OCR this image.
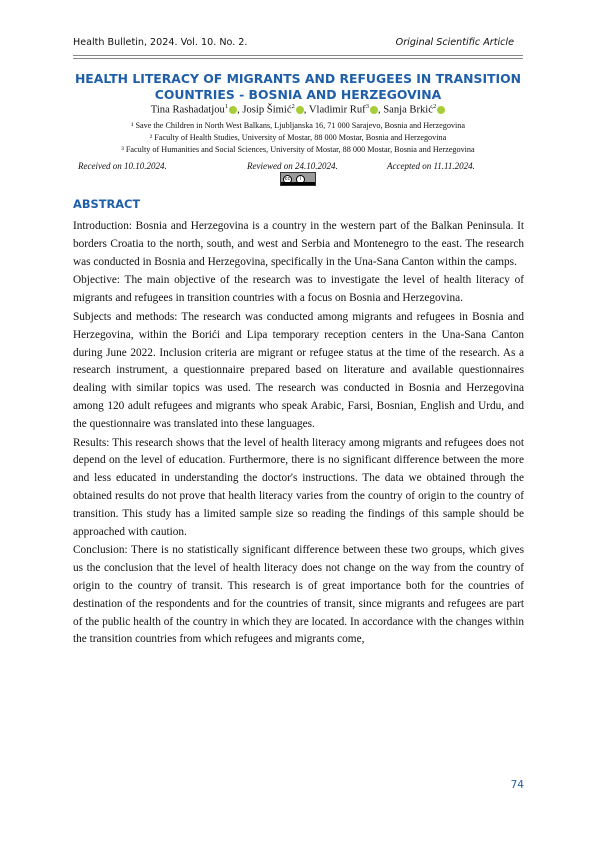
Health Bulletin, 2024. Vol. 10. No. 2.	Original Scientific Article
HEALTH LITERACY OF MIGRANTS AND REFUGEES IN TRANSITION COUNTRIES - BOSNIA AND HERZEGOVINA
Tina Rashadatjou$^1$ , Josip Šimić$^2$ , Vladimir Ruf$^3$ , Sanja Brkić$^2$
¹ Save the Children in North West Balkans, Ljubljanska 16, 71 000 Sarajevo, Bosnia and Herzegovina
² Faculty of Health Studies, University of Mostar, 88 000 Mostar, Bosnia and Herzegovina
³ Faculty of Humanities and Social Sciences, University of Mostar, 88 000 Mostar, Bosnia and Herzegovina
Received on 10.10.2024.	Reviewed on 24.10.2024.	Accepted on 11.11.2024.
cc	i
ABSTRACT

Introduction: Bosnia and Herzegovina is a country in the western part of the Balkan Peninsula. It borders Croatia to the north, south, and west and Serbia and Montenegro to the east. The research was conducted in Bosnia and Herzegovina, specifically in the Una-Sana Canton within the camps.

Objective: The main objective of the research was to investigate the level of health literacy of migrants and refugees in transition countries with a focus on Bosnia and Herzegovina.

Subjects and methods: The research was conducted among migrants and refugees in Bosnia and Herzegovina, within the Borići and Lipa temporary reception centers in the Una-Sana Canton during June 2022. Inclusion criteria are migrant or refugee status at the time of the research. As a research instrument, a questionnaire prepared based on literature and available questionnaires dealing with similar topics was used. The research was conducted in Bosnia and Herzegovina among 120 adult refugees and migrants who speak Arabic, Farsi, Bosnian, English and Urdu, and the questionnaire was translated into these languages.

Results: This research shows that the level of health literacy among migrants and refugees does not depend on the level of education. Furthermore, there is no significant difference between the more and less educated in understanding the doctor's instructions. The data we obtained through the obtained results do not prove that health literacy varies from the country of origin to the country of transition. This study has a limited sample size so reading the findings of this sample should be approached with caution.

Conclusion: There is no statistically significant difference between these two groups, which gives us the conclusion that the level of health literacy does not change on the way from the country of origin to the country of transit. This research is of great importance both for the countries of destination of the respondents and for the countries of transit, since migrants and refugees are part of the public health of the country in which they are located. In accordance with the changes within the transition countries from which refugees and migrants come,

74
